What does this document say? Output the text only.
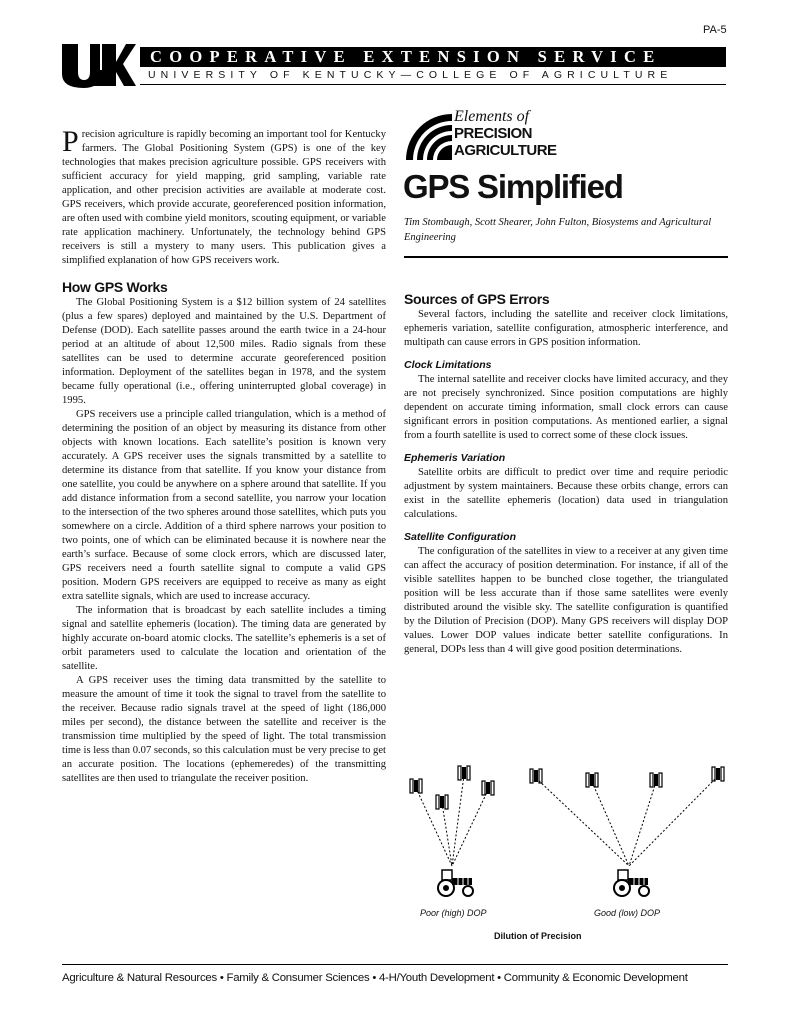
PA-5
COOPERATIVE EXTENSION SERVICE
UNIVERSITY OF KENTUCKY—COLLEGE OF AGRICULTURE
Elements of
PRECISION
AGRICULTURE
GPS Simplified
Tim Stombaugh, Scott Shearer, John Fulton, Biosystems and Agricultural Engineering

Precision agriculture is rapidly becoming an important tool for Kentucky farmers. The Global Positioning System (GPS) is one of the key technologies that makes precision agriculture possible. GPS receivers with sufficient accuracy for yield mapping, grid sampling, variable rate application, and other precision activities are available at moderate cost. GPS receivers, which provide accurate, georeferenced position information, are often used with combine yield monitors, scouting equipment, or variable rate application machinery. Unfortunately, the technology behind GPS receivers is still a mystery to many users. This publication gives a simplified explanation of how GPS receivers work.

How GPS Works

The Global Positioning System is a $12 billion system of 24 satellites (plus a few spares) deployed and maintained by the U.S. Department of Defense (DOD). Each satellite passes around the earth twice in a 24-hour period at an altitude of about 12,500 miles. Radio signals from these satellites can be used to determine accurate georeferenced position information. Deployment of the satellites began in 1978, and the system became fully operational (i.e., offering uninterrupted global coverage) in 1995.

GPS receivers use a principle called triangulation, which is a method of determining the position of an object by measuring its distance from other objects with known locations. Each satellite’s position is known very accurately. A GPS receiver uses the signals transmitted by a satellite to determine its distance from that satellite. If you know your distance from one satellite, you could be anywhere on a sphere around that satellite. If you add distance information from a second satellite, you narrow your location to the intersection of the two spheres around those satellites, which puts you somewhere on a circle. Addition of a third sphere narrows your position to two points, one of which can be eliminated because it is nowhere near the earth’s surface. Because of some clock errors, which are discussed later, GPS receivers need a fourth satellite signal to compute a valid GPS position. Modern GPS receivers are equipped to receive as many as eight extra satellite signals, which are used to increase accuracy.

The information that is broadcast by each satellite includes a timing signal and satellite ephemeris (location). The timing data are generated by highly accurate on-board atomic clocks. The satellite’s ephemeris is a set of orbit parameters used to calculate the location and orientation of the satellite.

A GPS receiver uses the timing data transmitted by the satellite to measure the amount of time it took the signal to travel from the satellite to the receiver. Because radio signals travel at the speed of light (186,000 miles per second), the distance between the satellite and receiver is the transmission time multiplied by the speed of light. The total transmission time is less than 0.07 seconds, so this calculation must be very precise to get an accurate position. The locations (ephemeredes) of the transmitting satellites are then used to triangulate the receiver position.

Sources of GPS Errors

Several factors, including the satellite and receiver clock limitations, ephemeris variation, satellite configuration, atmospheric interference, and multipath can cause errors in GPS position information.

Clock Limitations

The internal satellite and receiver clocks have limited accuracy, and they are not precisely synchronized. Since position computations are highly dependent on accurate timing information, small clock errors can cause significant errors in position computations. As mentioned earlier, a signal from a fourth satellite is used to correct some of these clock issues.

Ephemeris Variation

Satellite orbits are difficult to predict over time and require periodic adjustment by system maintainers. Because these orbits change, errors can exist in the satellite ephemeris (location) data used in triangulation calculations.

Satellite Configuration

The configuration of the satellites in view to a receiver at any given time can affect the accuracy of position determination. For instance, if all of the visible satellites happen to be bunched close together, the triangulated position will be less accurate than if those same satellites were evenly distributed around the visible sky. The satellite configuration is quantified by the Dilution of Precision (DOP). Many GPS receivers will display DOP values. Lower DOP values indicate better satellite configurations. In general, DOPs less than 4 will give good position determinations.

Poor (high) DOP	Good (low) DOP
Dilution of Precision
Agriculture & Natural Resources • Family & Consumer Sciences • 4-H/Youth Development • Community & Economic Development
